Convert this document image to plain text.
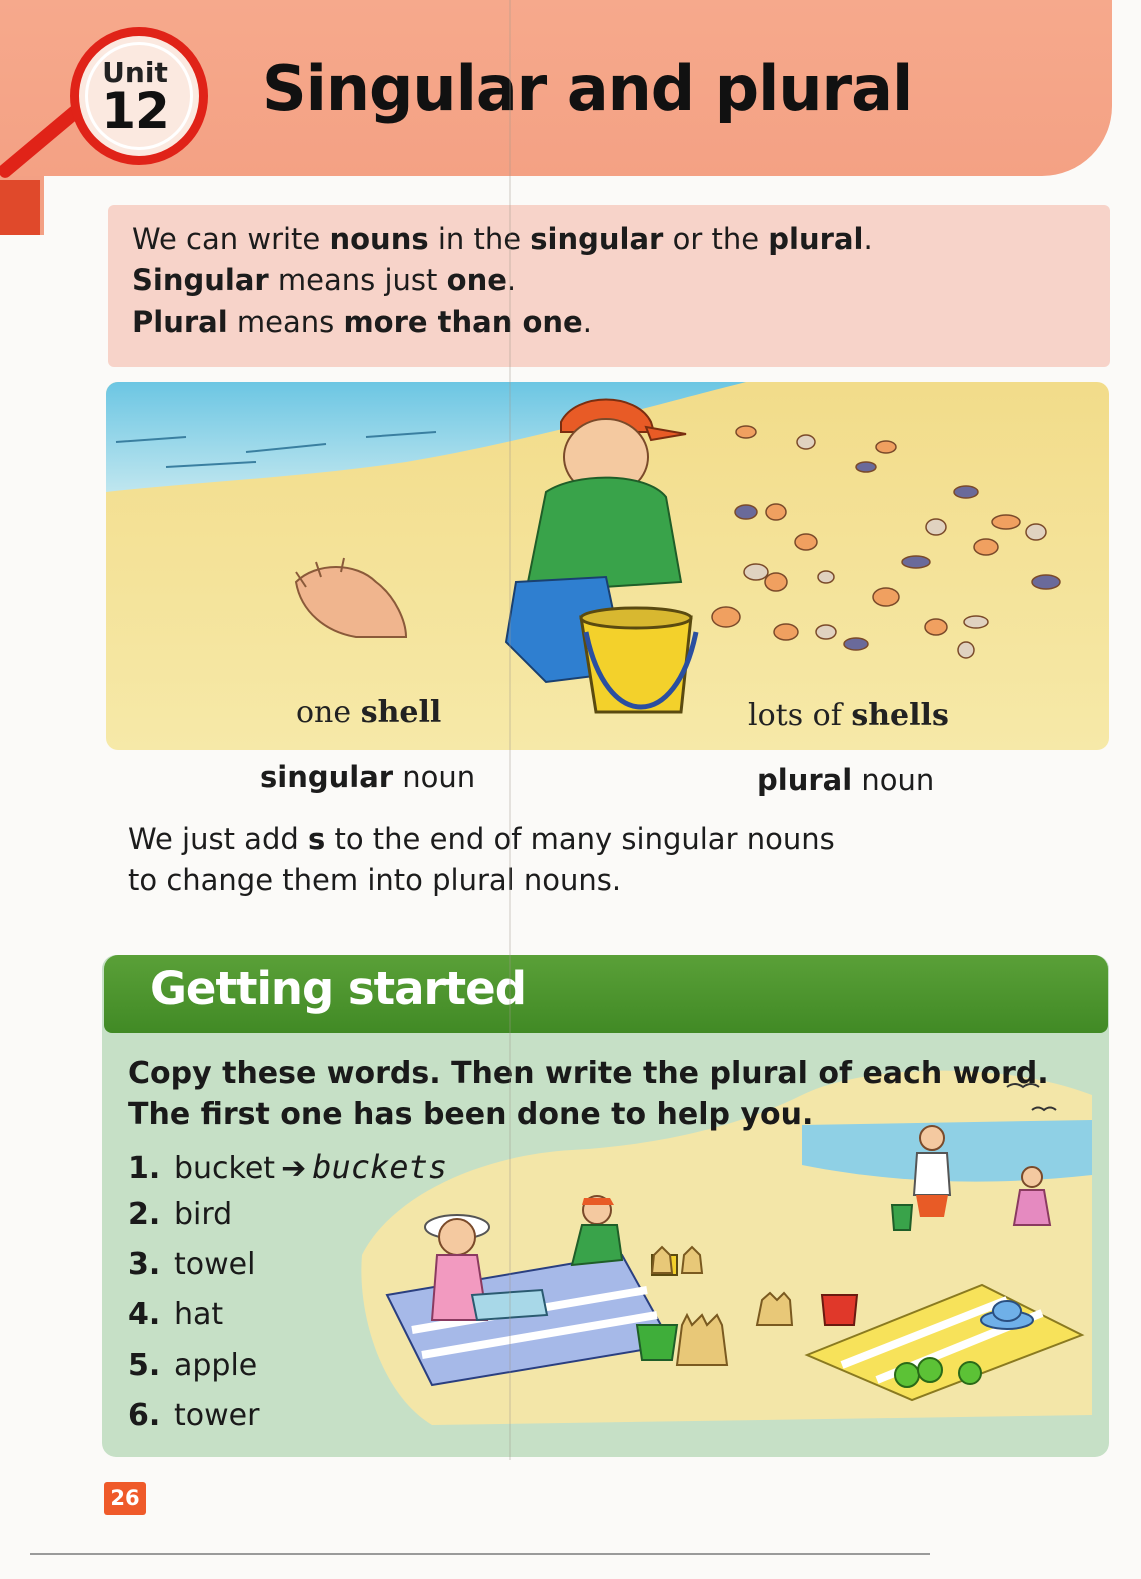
Unit
12	Singular and plural
We can write nouns in the singular or the plural.
Singular means just one.
Plural means more than one.
one shell	lots of shells
singular noun	plural noun
We just add s to the end of many singular nouns
to change them into plural nouns.
Getting started
Copy these words. Then write the plural of each word.
The first one has been done to help you.
1. bucket ➔ buckets
2. bird
3. towel
4. hat
5. apple
6. tower
26
